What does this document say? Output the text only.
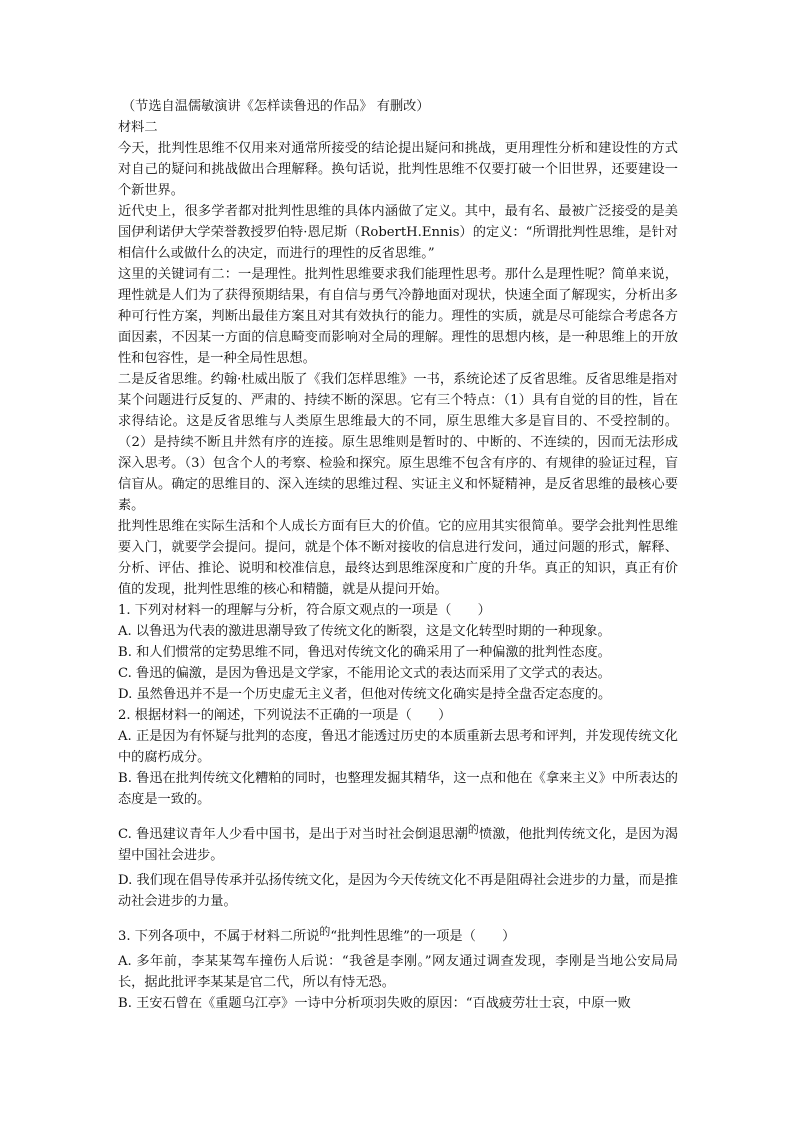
（节选自温儒敏演讲《怎样读鲁迅的作品》 有删改）

材料二

今天，批判性思维不仅用来对通常所接受的结论提出疑问和挑战，更用理性分析和建设性的方式对自己的疑问和挑战做出合理解释。换句话说，批判性思维不仅要打破一个旧世界，还要建设一个新世界。

近代史上，很多学者都对批判性思维的具体内涵做了定义。其中，最有名、最被广泛接受的是美国伊利诺伊大学荣誉教授罗伯特·恩尼斯（RobertH.Ennis）的定义：“所谓批判性思维，是针对相信什么或做什么的决定，而进行的理性的反省思维。”

这里的关键词有二：一是理性。批判性思维要求我们能理性思考。那什么是理性呢？简单来说，理性就是人们为了获得预期结果，有自信与勇气冷静地面对现状，快速全面了解现实，分析出多种可行性方案，判断出最佳方案且对其有效执行的能力。理性的实质，就是尽可能综合考虑各方面因素，不因某一方面的信息畸变而影响对全局的理解。理性的思想内核，是一种思维上的开放性和包容性，是一种全局性思想。

二是反省思维。约翰·杜威出版了《我们怎样思维》一书，系统论述了反省思维。反省思维是指对某个问题进行反复的、严肃的、持续不断的深思。它有三个特点：（1）具有自觉的目的性，旨在求得结论。这是反省思维与人类原生思维最大的不同，原生思维大多是盲目的、不受控制的。（2）是持续不断且井然有序的连接。原生思维则是暂时的、中断的、不连续的，因而无法形成深入思考。（3）包含个人的考察、检验和探究。原生思维不包含有序的、有规律的验证过程，盲信盲从。确定的思维目的、深入连续的思维过程、实证主义和怀疑精神，是反省思维的最核心要素。

批判性思维在实际生活和个人成长方面有巨大的价值。它的应用其实很简单。要学会批判性思维要入门，就要学会提问。提问，就是个体不断对接收的信息进行发问，通过问题的形式，解释、分析、评估、推论、说明和校准信息，最终达到思维深度和广度的升华。真正的知识，真正有价值的发现，批判性思维的核心和精髓，就是从提问开始。

1. 下列对材料一的理解与分析，符合原文观点的一项是（　　）

A. 以鲁迅为代表的激进思潮导致了传统文化的断裂，这是文化转型时期的一种现象。

B. 和人们惯常的定势思维不同，鲁迅对传统文化的确采用了一种偏激的批判性态度。

C. 鲁迅的偏激，是因为鲁迅是文学家，不能用论文式的表达而采用了文学式的表达。

D. 虽然鲁迅并不是一个历史虚无主义者，但他对传统文化确实是持全盘否定态度的。

2. 根据材料一的阐述，下列说法不正确的一项是（　　）

A. 正是因为有怀疑与批判的态度，鲁迅才能透过历史的本质重新去思考和评判，并发现传统文化中的腐朽成分。

B. 鲁迅在批判传统文化糟粕的同时，也整理发掘其精华，这一点和他在《拿来主义》中所表达的态度是一致的。

C. 鲁迅建议青年人少看中国书，是出于对当时社会倒退思潮$^的$愤激，他批判传统文化，是因为渴望中国社会进步。

D. 我们现在倡导传承并弘扬传统文化，是因为今天传统文化不再是阻碍社会进步的力量，而是推动社会进步的力量。

3. 下列各项中，不属于材料二所说$^的$“批判性思维”的一项是（　　）

A. 多年前，李某某驾车撞伤人后说：“我爸是李刚。”网友通过调查发现，李刚是当地公安局局长，据此批评李某某是官二代，所以有恃无恐。

B. 王安石曾在《重题乌江亭》一诗中分析项羽失败的原因：“百战疲劳壮士哀，中原一败
